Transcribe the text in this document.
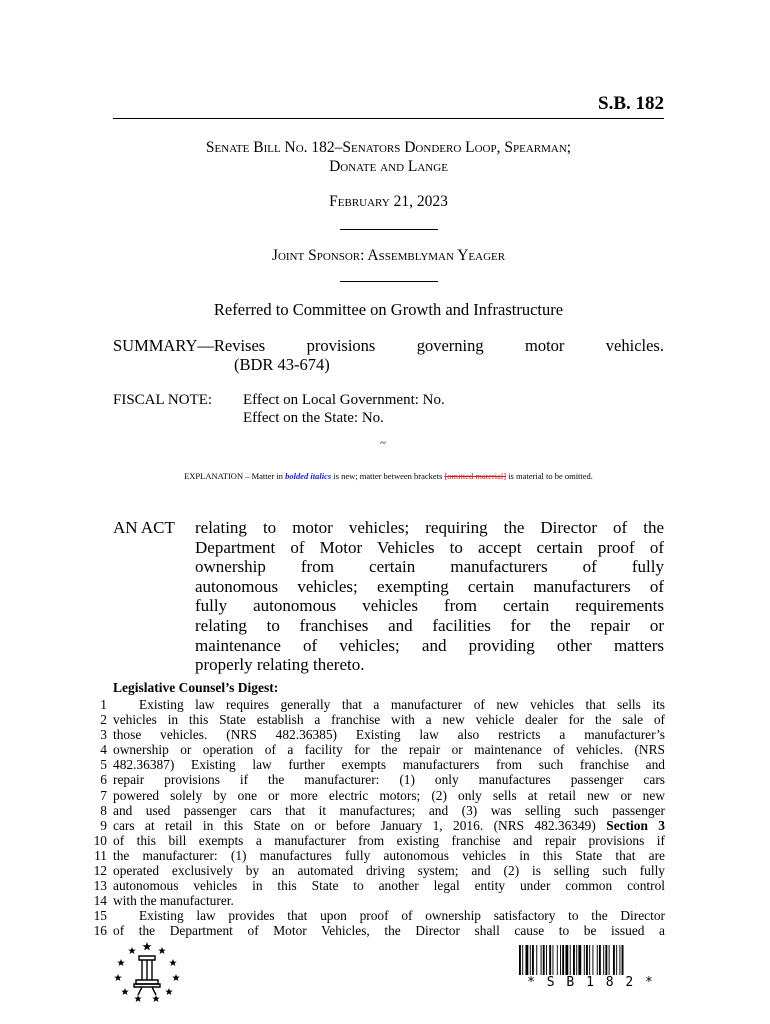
S.B. 182
Senate Bill No. 182–Senators Dondero Loop, Spearman;
Donate and Lange
February 21, 2023
Joint Sponsor: Assemblyman Yeager
Referred to Committee on Growth and Infrastructure
SUMMARY—Revises	provisions	governing	motor	vehicles.
(BDR 43-674)
FISCAL NOTE:	Effect on Local Government: No.
Effect on the State: No.
~
EXPLANATION – Matter in bolded italics is new; matter between brackets [omitted material] is material to be omitted.
AN ACT	relating to motor vehicles; requiring the Director of the
Department of Motor Vehicles to accept certain proof of
ownership from certain manufacturers of fully
autonomous vehicles; exempting certain manufacturers of
fully autonomous vehicles from certain requirements
relating to franchises and facilities for the repair or
maintenance of vehicles; and providing other matters
properly relating thereto.
Legislative Counsel’s Digest:
1	Existing law requires generally that a manufacturer of new vehicles that sells its
2 vehicles in this State establish a franchise with a new vehicle dealer for the sale of
3 those vehicles. (NRS 482.36385) Existing law also restricts a manufacturer’s
4 ownership or operation of a facility for the repair or maintenance of vehicles. (NRS
5 482.36387) Existing law further exempts manufacturers from such franchise and
6 repair provisions if the manufacturer: (1) only manufactures passenger cars
7 powered solely by one or more electric motors; (2) only sells at retail new or new
8 and used passenger cars that it manufactures; and (3) was selling such passenger
9 cars at retail in this State on or before January 1, 2016. (NRS 482.36349) Section 3
10 of this bill exempts a manufacturer from existing franchise and repair provisions if
11 the manufacturer: (1) manufactures fully autonomous vehicles in this State that are
12 operated exclusively by an automated driving system; and (2) is selling such fully
13 autonomous vehicles in this State to another legal entity under common control
14 with the manufacturer.
15	Existing law provides that upon proof of ownership satisfactory to the Director
16 of the Department of Motor Vehicles, the Director shall cause to be issued a
* S B 1 8 2 *
